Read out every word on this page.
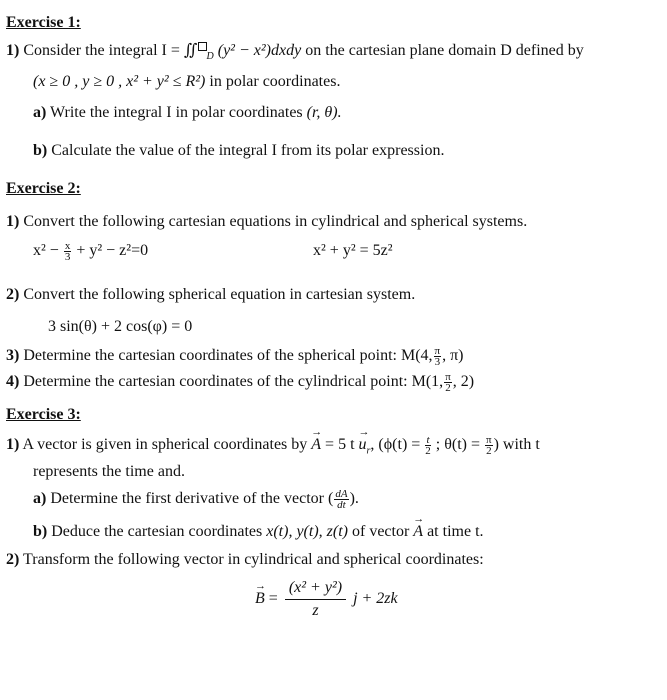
Exercise 1:
1) Consider the integral I = ∬ $_D$ (y² − x²)dxdy on the cartesian plane domain D defined by
(x ≥ 0 , y ≥ 0 , x² + y² ≤ R²) in polar coordinates.
a) Write the integral I in polar coordinates (r, θ).
b) Calculate the value of the integral I from its polar expression.
Exercise 2:
1) Convert the following cartesian equations in cylindrical and spherical systems.
$x^2 - \frac{x}{3} + y^2 - z^2=0$	x² + y² = 5z²
2) Convert the following spherical equation in cartesian system.
3 sin(θ) + 2 cos(φ) = 0
3) Determine the cartesian coordinates of the spherical point: M(4, $\frac{\pi}{3}$ , π)
4) Determine the cartesian coordinates of the cylindrical point: M(1, $\frac{\pi}{2}$ , 2)
Exercise 3:
1) A vector is given in spherical coordinates by → A = 5 $t \to u_r$, ($\phi(t) = \frac{t}{2}$ ; $\theta(t) = \frac{\pi}{2}$ ) with t
represents the time and.
a) Determine the first derivative of the vector ( $\frac{dA}{dt}$ ).
b) Deduce the cartesian coordinates x(t), y(t), z(t) of vector → A at time t.
2) Transform the following vector in cylindrical and spherical coordinates:
→ $B = \frac{\text{(x² + y²)}}{z}$ j + 2zk
